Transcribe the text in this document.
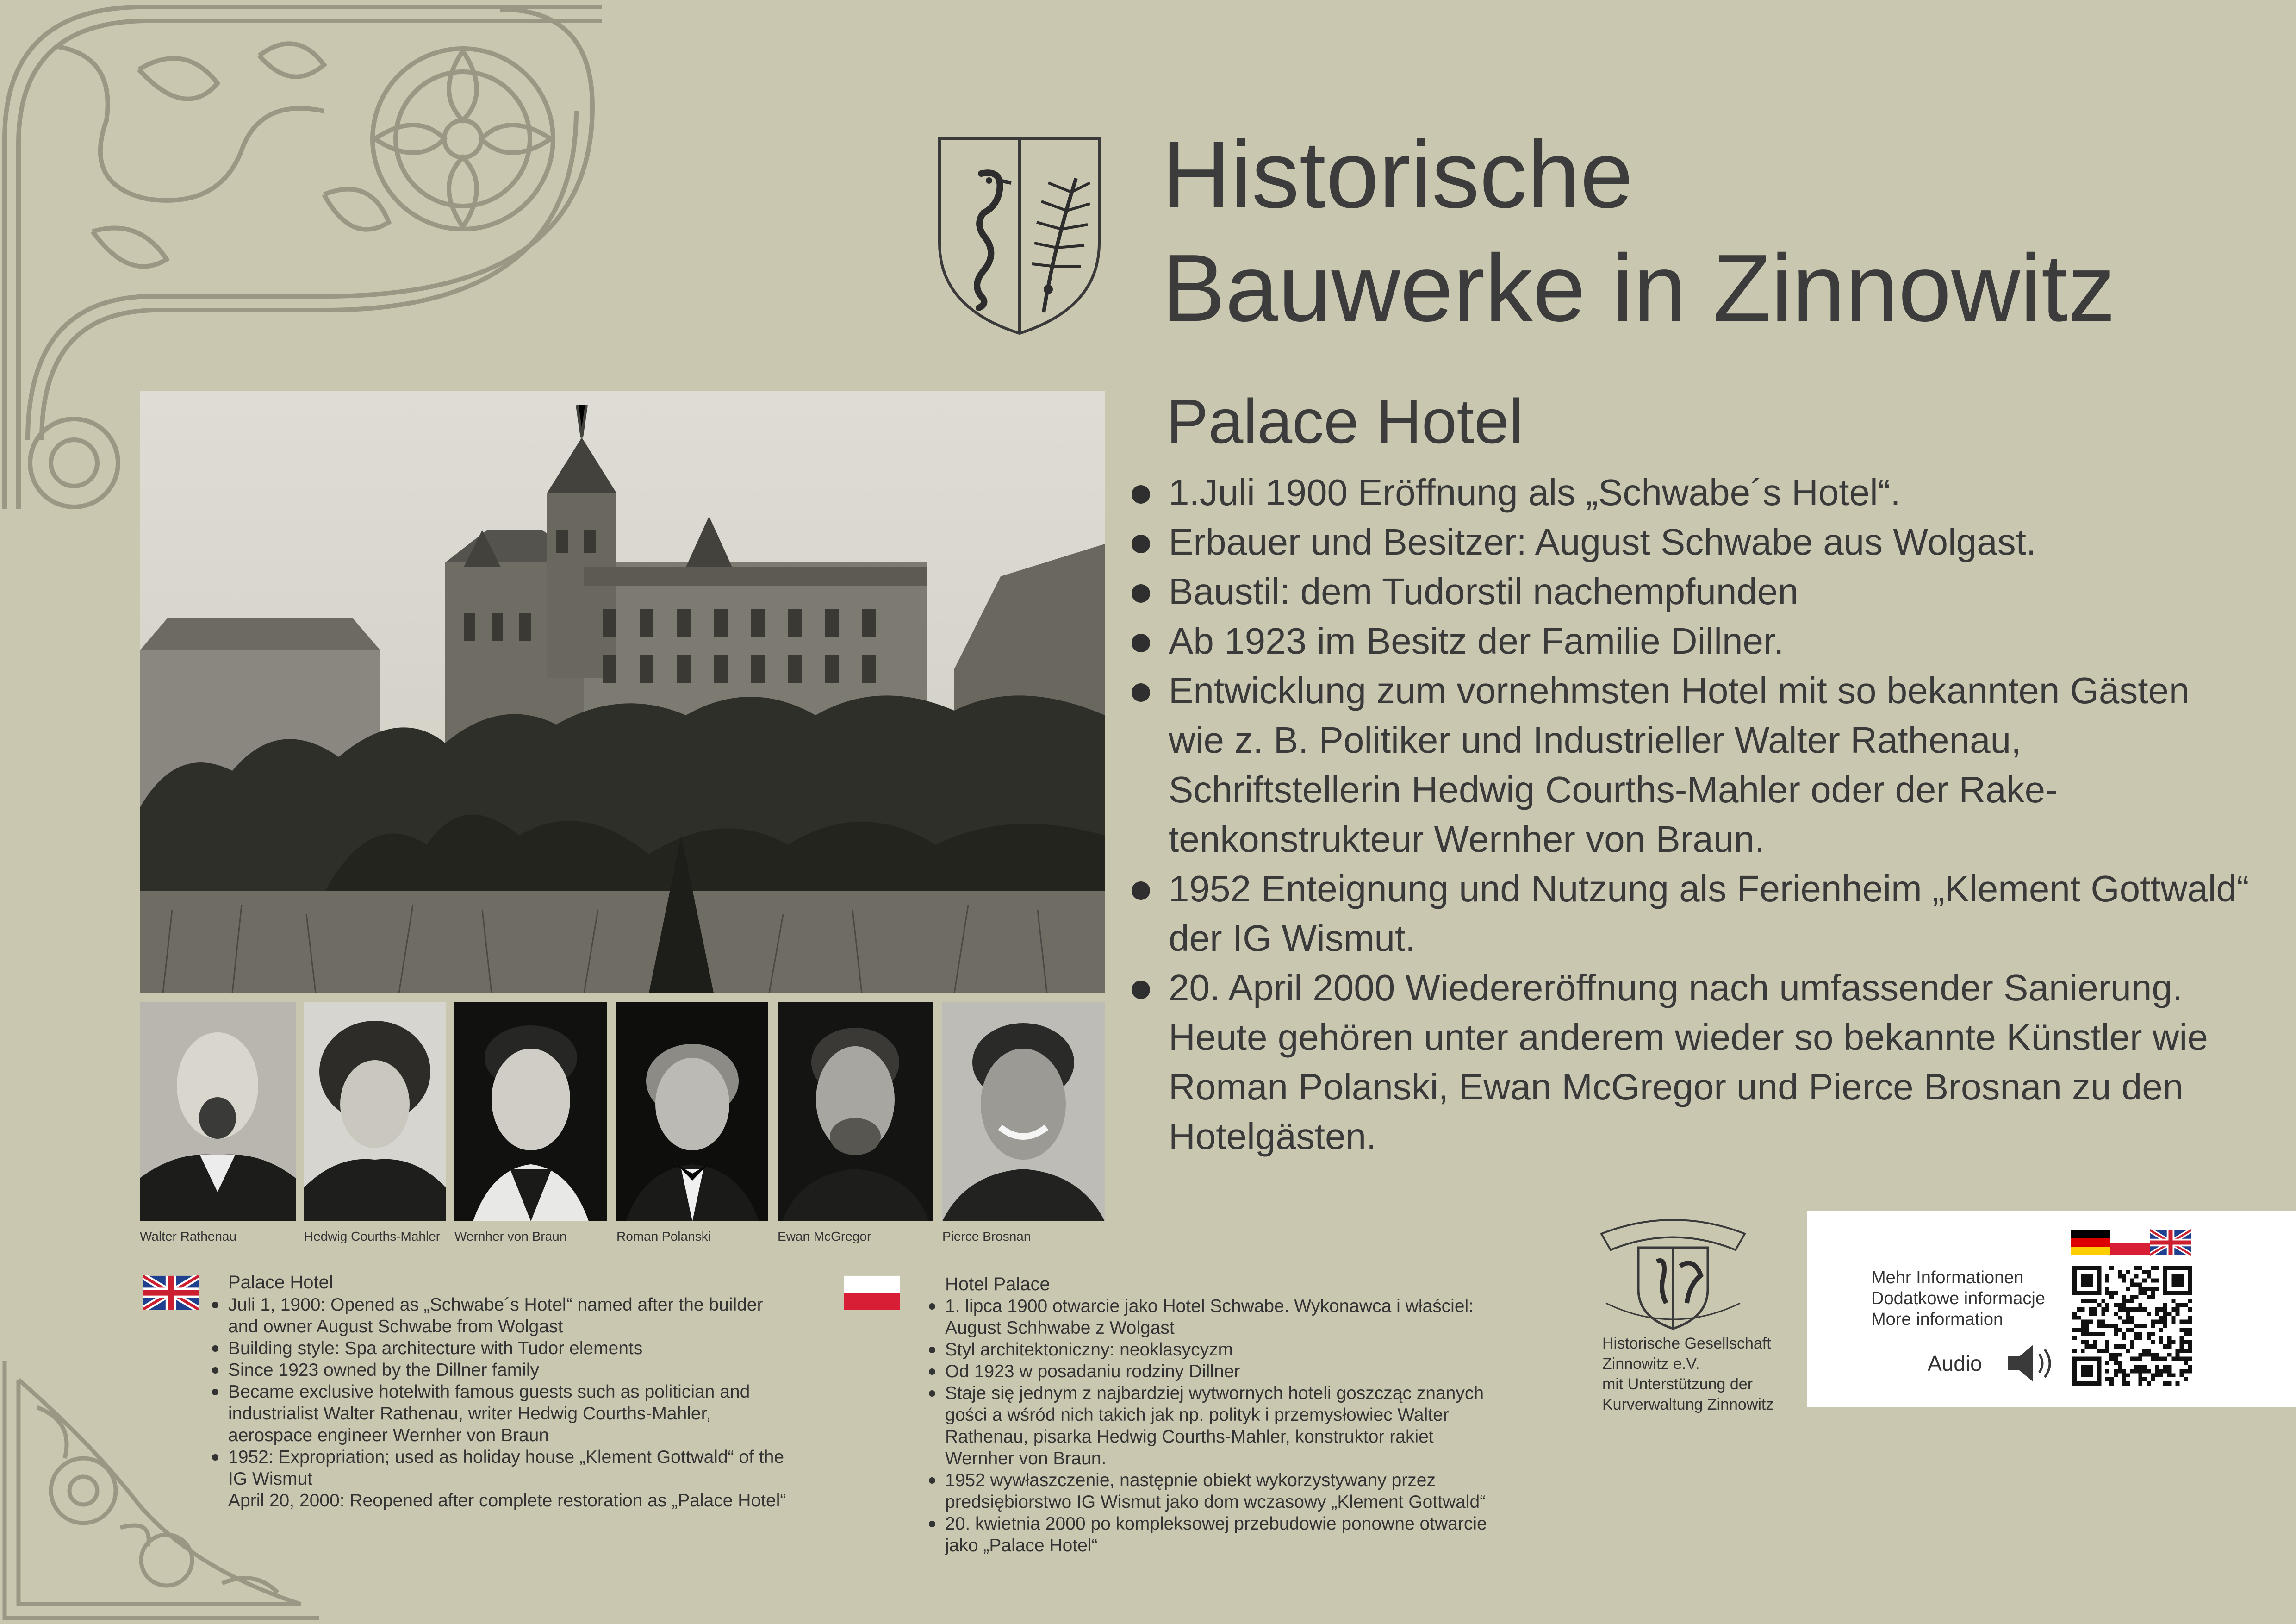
Historische
Bauwerke in Zinnowitz
Palace Hotel
1.Juli 1900 Eröffnung als „Schwabe´s Hotel“.
Erbauer und Besitzer: August Schwabe aus Wolgast.
Baustil: dem Tudorstil nachempfunden
Ab 1923 im Besitz der Familie Dillner.
Entwicklung zum vornehmsten Hotel mit so bekannten Gästen wie z. B. Politiker und Industrieller Walter Rathenau, Schriftstellerin Hedwig Courths-Mahler oder der Rake-tenkonstrukteur Wernher von Braun.
1952 Enteignung und Nutzung als Ferienheim „Klement Gottwald“ der IG Wismut.
20. April 2000 Wiedereröffnung nach umfassender Sanierung. Heute gehören unter anderem wieder so bekannte Künstler wie Roman Polanski, Ewan McGregor und Pierce Brosnan zu den Hotelgästen.
Walter Rathenau	Hedwig Courths-Mahler Wernher von Braun	Roman Polanski	Ewan McGregor	Pierce Brosnan
Palace Hotel
Juli 1, 1900: Opened as „Schwabe´s Hotel“ named after the builder
and owner August Schwabe from Wolgast
Building style: Spa architecture with Tudor elements
Since 1923 owned by the Dillner family
Became exclusive hotelwith famous guests such as politician and
industrialist Walter Rathenau, writer Hedwig Courths-Mahler,
aerospace engineer Wernher von Braun
1952: Expropriation; used as holiday house „Klement Gottwald“ of the
IG Wismut
April 20, 2000: Reopened after complete restoration as „Palace Hotel“
Hotel Palace
1. lipca 1900 otwarcie jako Hotel Schwabe. Wykonawca i właściel:
August Schhwabe z Wolgast
Styl architektoniczny: neoklasycyzm
Od 1923 w posadaniu rodziny Dillner
Staje się jednym z najbardziej wytwornych hoteli goszcząc znanych
gości a wśród nich takich jak np. polityk i przemysłowiec Walter
Rathenau, pisarka Hedwig Courths-Mahler, konstruktor rakiet
Wernher von Braun.
1952 wywłaszczenie, następnie obiekt wykorzystywany przez
predsiębiorstwo IG Wismut jako dom wczasowy „Klement Gottwald“
20. kwietnia 2000 po kompleksowej przebudowie ponowne otwarcie
jako „Palace Hotel“
Historische Gesellschaft
Zinnowitz e.V.
mit Unterstützung der
Kurverwaltung Zinnowitz
Mehr Informationen
Dodatkowe informacje
More information
Audio
